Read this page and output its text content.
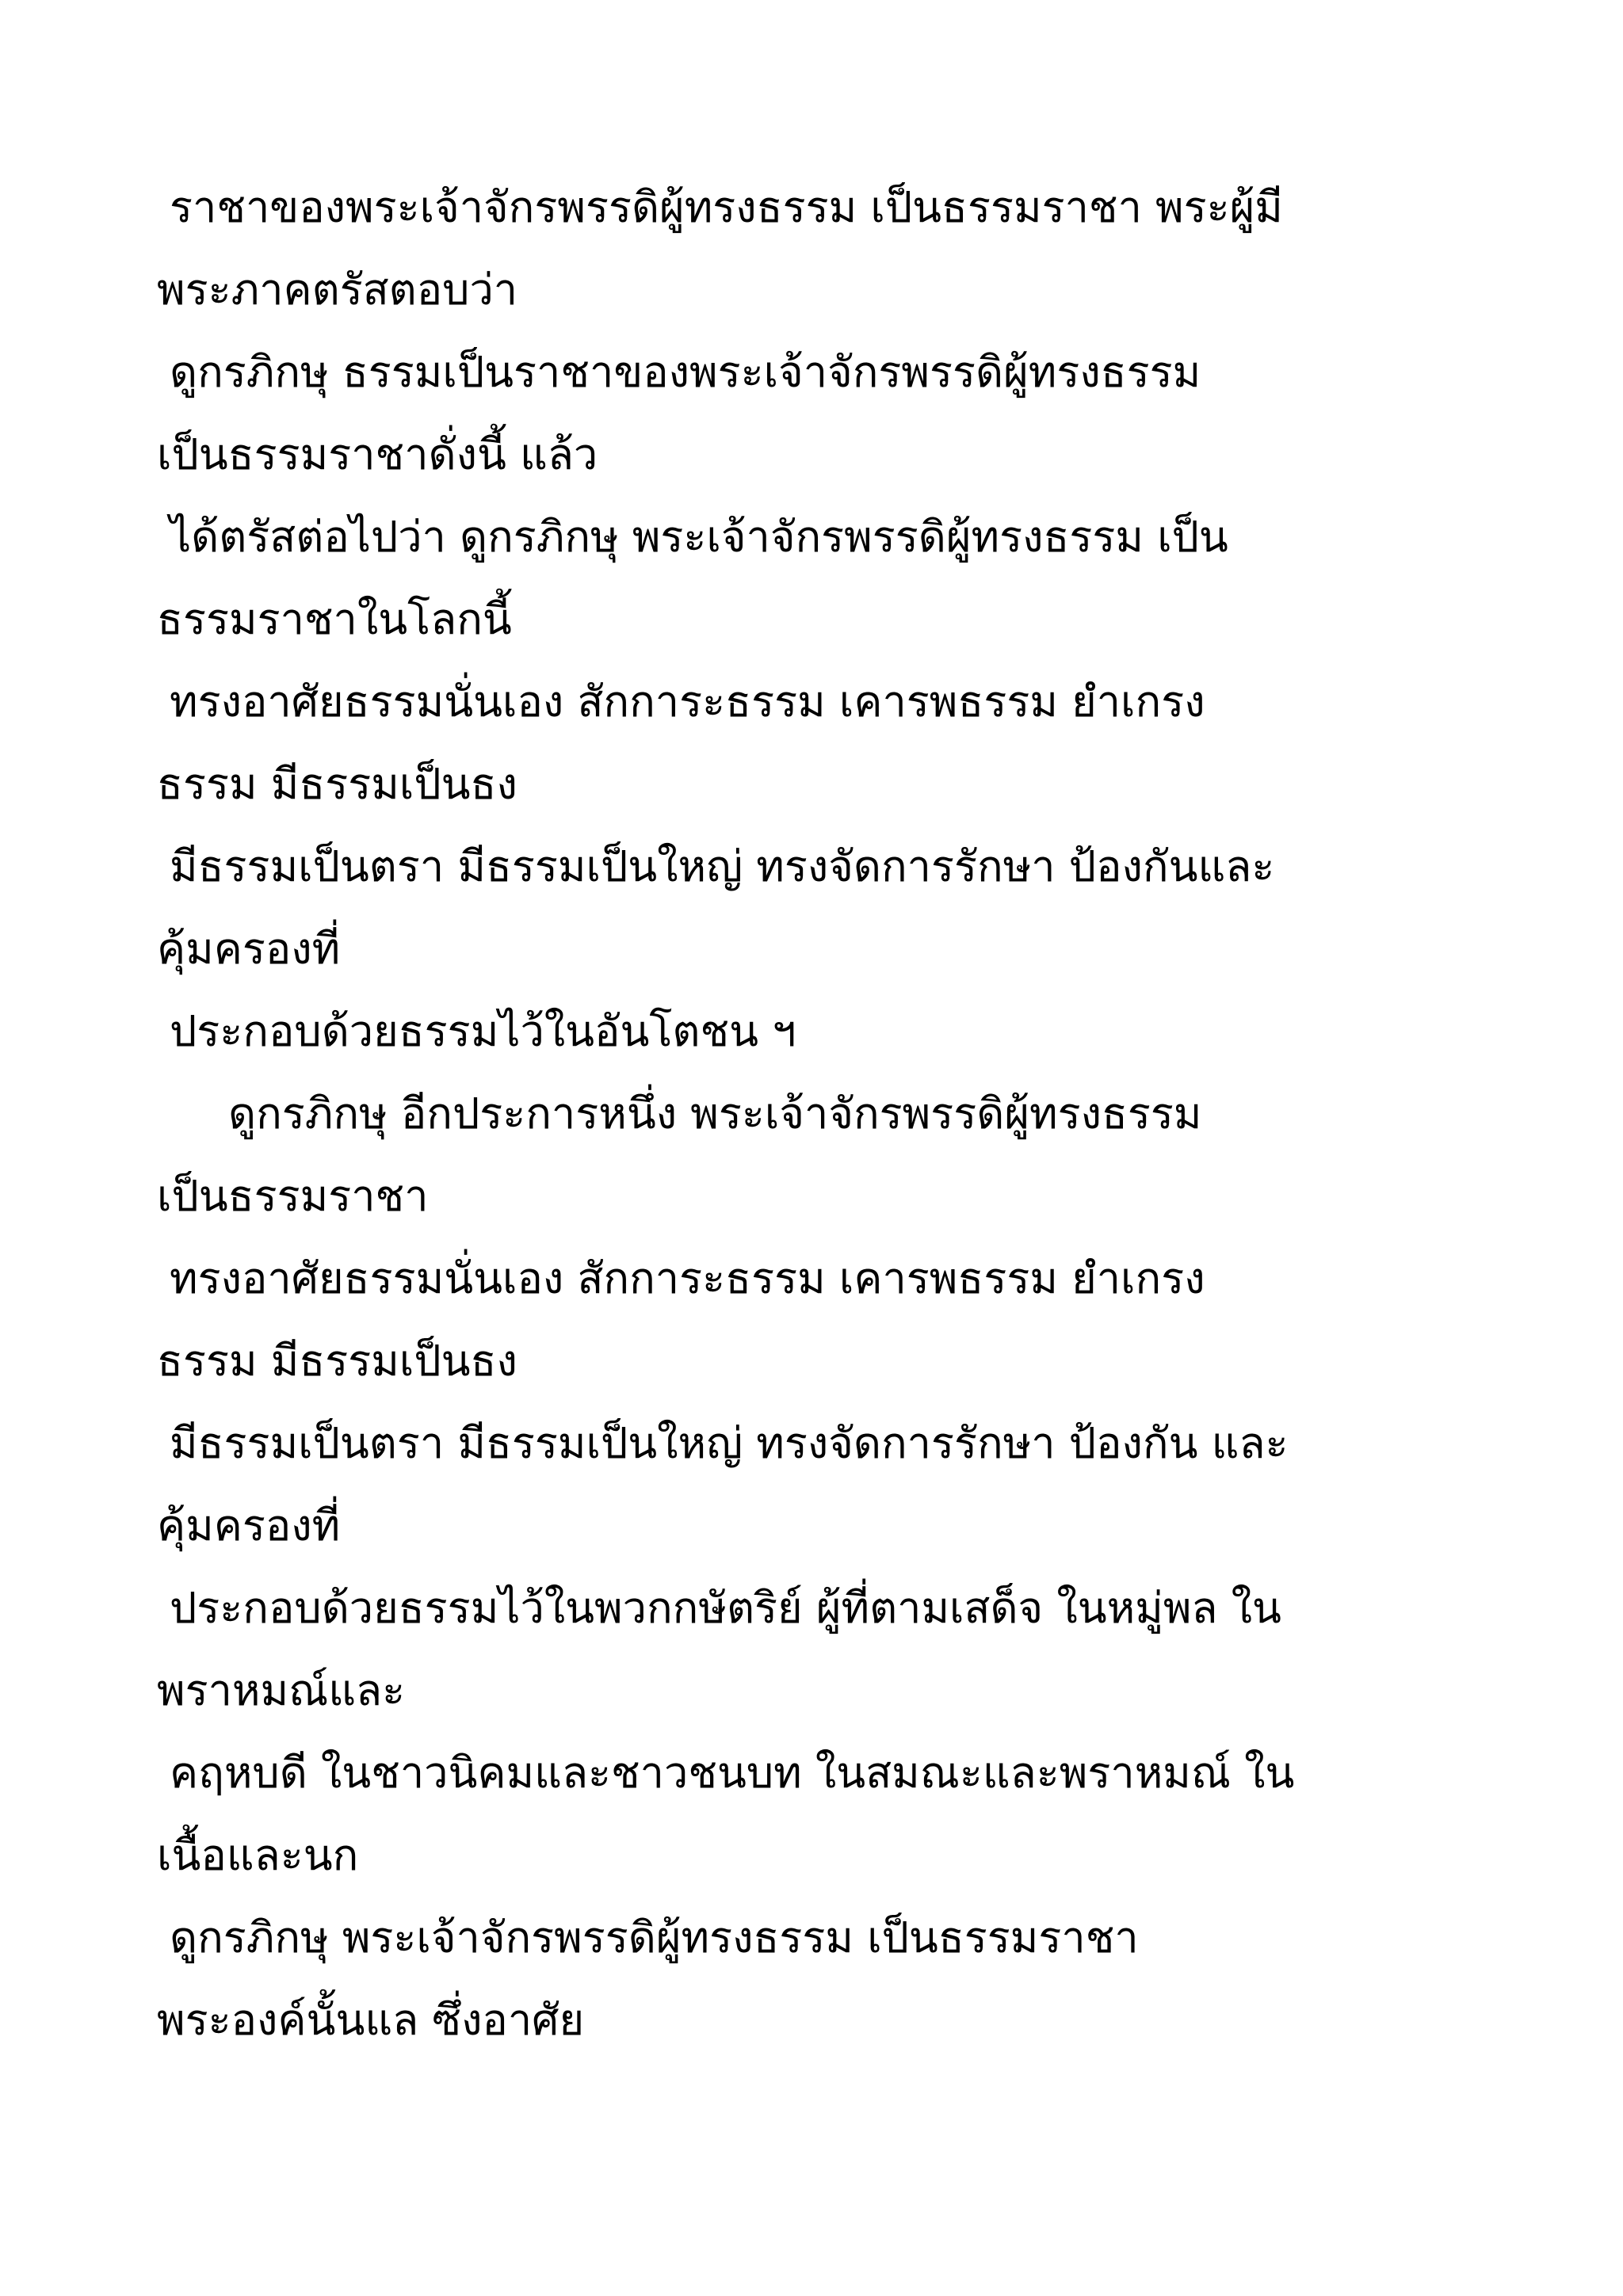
ราชาของพระเจ้าจักรพรรดิผู้ทรงธรรม เป็นธรรมราชา พระผู้มี
พระภาคตรัสตอบว่า
ดูกรภิกษุ ธรรมเป็นราชาของพระเจ้าจักรพรรดิผู้ทรงธรรม
เป็นธรรมราชาดั่งนี้ แล้ว
ได้ตรัสต่อไปว่า ดูกรภิกษุ พระเจ้าจักรพรรดิผู้ทรงธรรม เป็น
ธรรมราชาในโลกนี้
ทรงอาศัยธรรมนั่นเอง สักการะธรรม เคารพธรรม ยำเกรง
ธรรม มีธรรมเป็นธง
มีธรรมเป็นตรา มีธรรมเป็นใหญ่ ทรงจัดการรักษา ป้องกันและ
คุ้มครองที่
ประกอบด้วยธรรมไว้ในอันโตชน ฯ
ดูกรภิกษุ อีกประการหนึ่ง พระเจ้าจักรพรรดิผู้ทรงธรรม
เป็นธรรมราชา
ทรงอาศัยธรรมนั่นเอง สักการะธรรม เคารพธรรม ยำเกรง
ธรรม มีธรรมเป็นธง
มีธรรมเป็นตรา มีธรรมเป็นใหญ่ ทรงจัดการรักษา ป้องกัน และ
คุ้มครองที่
ประกอบด้วยธรรมไว้ในพวกกษัตริย์ ผู้ที่ตามเสด็จ ในหมู่พล ใน
พราหมณ์และ
คฤหบดี ในชาวนิคมและชาวชนบท ในสมณะและพราหมณ์ ใน
เนื้อและนก
ดูกรภิกษุ พระเจ้าจักรพรรดิผู้ทรงธรรม เป็นธรรมราชา
พระองค์นั้นแล ซึ่งอาศัย
